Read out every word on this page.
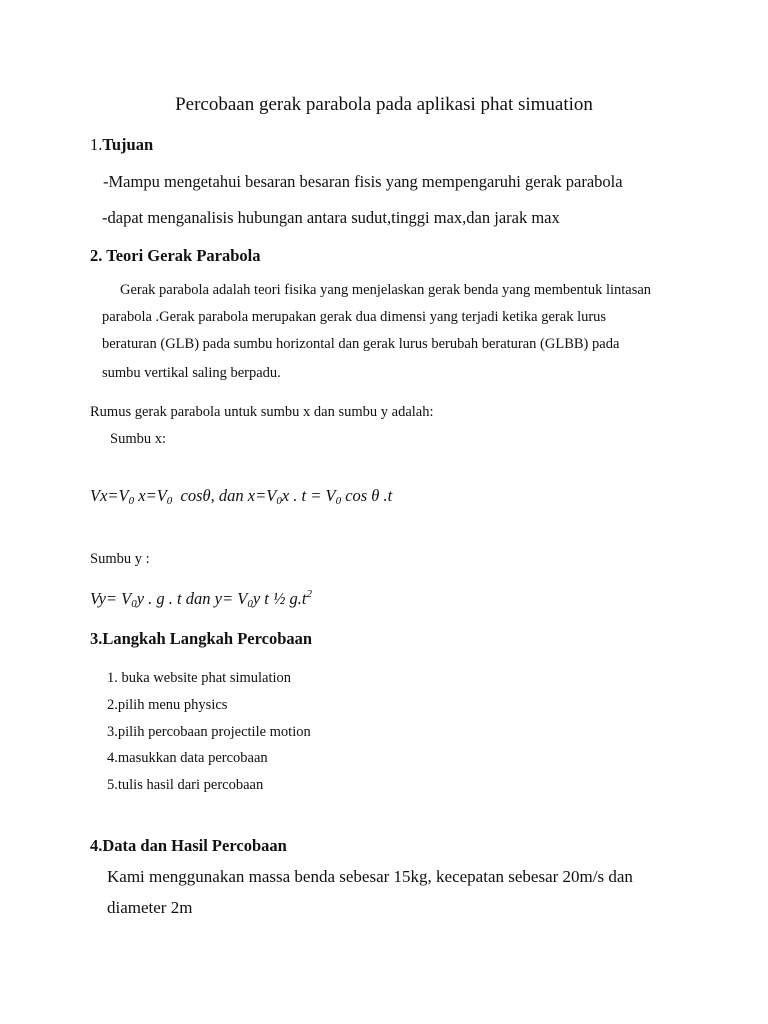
Percobaan gerak parabola pada aplikasi phat simuation
1.Tujuan
-Mampu mengetahui besaran besaran fisis yang mempengaruhi gerak parabola
-dapat menganalisis hubungan antara sudut,tinggi max,dan jarak max
2. Teori Gerak Parabola
Gerak parabola adalah teori fisika yang menjelaskan gerak benda yang membentuk lintasan
parabola .Gerak parabola merupakan gerak dua dimensi yang terjadi ketika gerak lurus
beraturan (GLB) pada sumbu horizontal dan gerak lurus berubah beraturan (GLBB) pada
sumbu vertikal saling berpadu.
Rumus gerak parabola untuk sumbu x dan sumbu y adalah:
Sumbu x:
$Vx=V_0$ $x=V_0$  cosθ, dan $x=V_0x$ . $t = V_0$ cos θ .t
Sumbu y :
$Vy= V_0y$ . g . t dan $y= V_0y$ t ½ $g.t^2$
3.Langkah Langkah Percobaan
1. buka website phat simulation
2.pilih menu physics
3.pilih percobaan projectile motion
4.masukkan data percobaan
5.tulis hasil dari percobaan
4.Data dan Hasil Percobaan
Kami menggunakan massa benda sebesar 15kg, kecepatan sebesar 20m/s dan
diameter 2m
